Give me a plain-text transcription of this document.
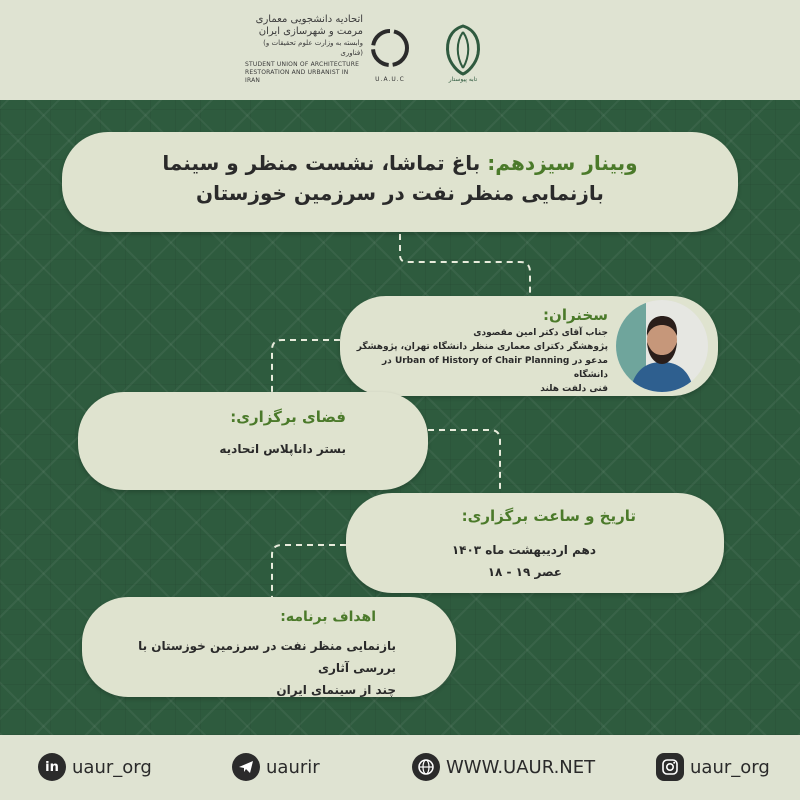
اتحادیه دانشجویی معماری
مرمت و شهرسازی ایران
(وابسته به وزارت علوم تحقیقات و فناوری)
STUDENT UNION OF ARCHITECTURE
RESTORATION AND URBANIST IN IRAN	U.A.U.C	تابه پیوستار
وبینار سیزدهم: باغ تماشا، نشست منظر و سینما
بازنمایی منظر نفت در سرزمین خوزستان
سخنران:
جناب آقای دکتر امین مقصودی
پژوهشگر دکترای معماری منظر دانشگاه تهران، پژوهشگر
مدعو در Urban of History of Chair Planning در دانشگاه
فنی دلفت هلند
فضای برگزاری:
بستر داناپلاس اتحادیه
تاریخ و ساعت برگزاری:
دهم اردیبهشت ماه ۱۴۰۳
۱۸ - ۱۹ عصر
اهداف برنامه:
بازنمایی منظر نفت در سرزمین خوزستان با بررسی آثاری
چند از سینمای ایران
in uaur_org	uaurir	WWW.UAUR.NET	uaur_org
